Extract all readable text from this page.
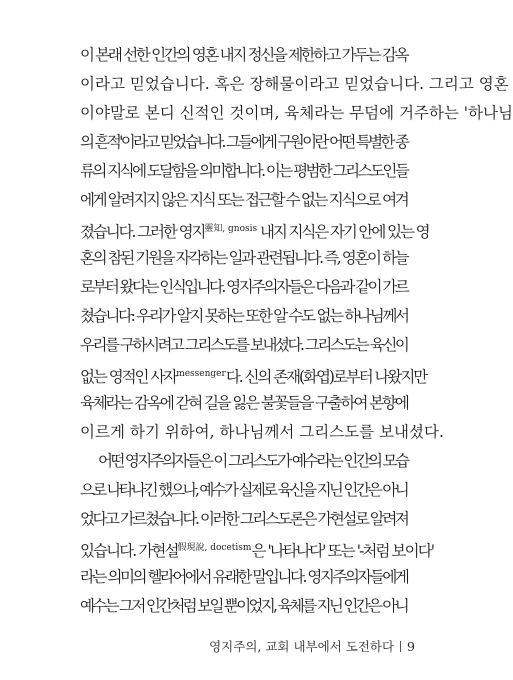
이 본래 선한 인간의 영혼 내지 정신을 제한하고 가두는 감옥
이라고 믿었습니다. 혹은 장해물이라고 믿었습니다. 그리고 영혼
이야말로 본디 신적인 것이며, 육체라는 무덤에 거주하는 '하나님
의 흔적'이라고 믿었습니다. 그들에게 구원이란 어떤 특별한 종
류의 지식에 도달함을 의미합니다. 이는 평범한 그리스도인들
에게 알려지지 않은 지식 또는 접근할 수 없는 지식으로 여겨
졌습니다. 그러한 영지$^{靈知, gnosis}$ 내지 지식은 자기 안에 있는 영
혼의 참된 기원을 자각하는 일과 관련됩니다. 즉, 영혼이 하늘
로부터 왔다는 인식입니다. 영지주의자들은 다음과 같이 가르
쳤습니다: 우리가 알지 못하는 또한 알 수도 없는 하나님께서
우리를 구하시려고 그리스도를 보내셨다. 그리스도는 육신이
없는 영적인 사자$^{messenger}$다. 신의 존재(화엽)로부터 나왔지만
육체라는 감옥에 갇혀 길을 잃은 불꽃들을 구출하여 본향에
이르게 하기 위하여, 하나님께서 그리스도를 보내셨다.
어떤 영지주의자들은 이 그리스도가 예수라는 인간의 모습
으로 나타나긴 했으나, 예수가 실제로 육신을 지닌 인간은 아니
었다고 가르쳤습니다. 이러한 그리스도론은 가현설로 알려져
있습니다. 가현설$^{假現說, docetism}$은 '나타나다' 또는 '-처럼 보이다'
라는 의미의 헬라어에서 유래한 말입니다. 영지주의자들에게
예수는 그저 인간처럼 보일 뿐이었지, 육체를 지닌 인간은 아니
영지주의, 교회 내부에서 도전하다 9
